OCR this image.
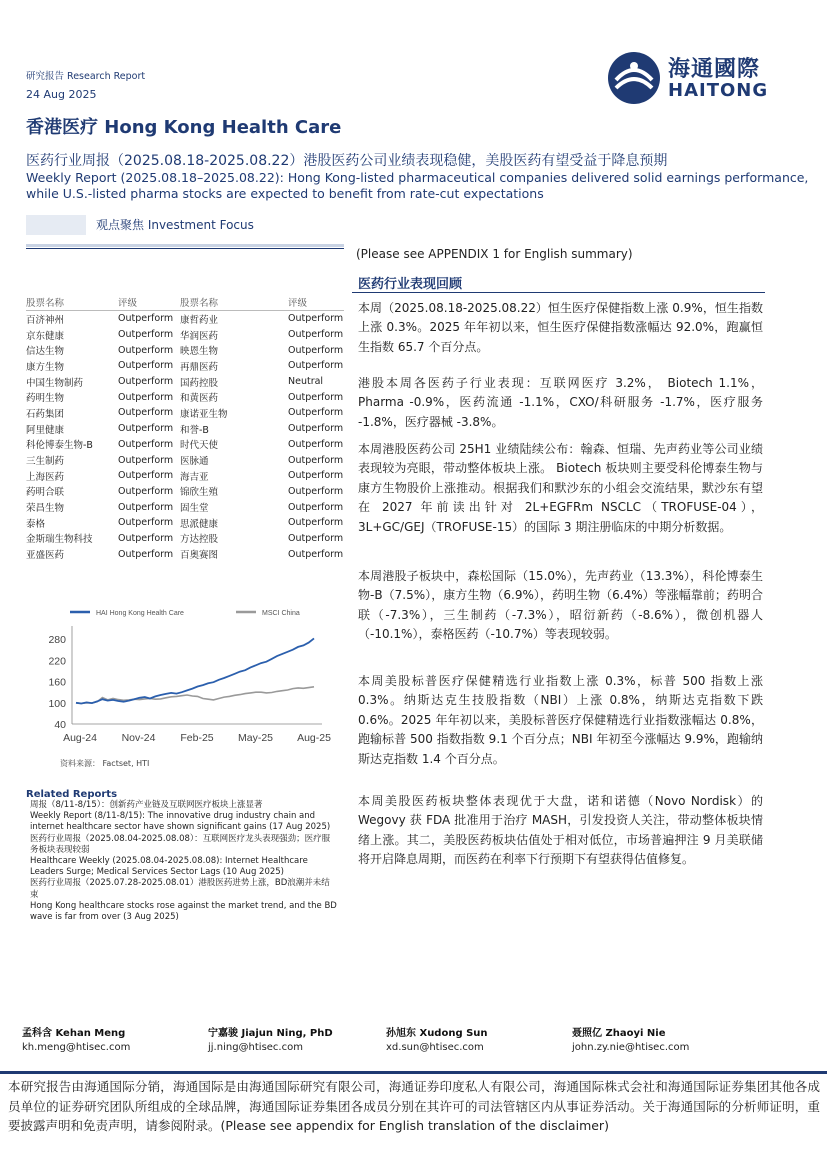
研究报告 Research Report
24 Aug 2025
香港医疗 Hong Kong Health Care
海通國際
HAITONG
医药行业周报（2025.08.18-2025.08.22）港股医药公司业绩表现稳健，美股医药有望受益于降息预期
Weekly Report (2025.08.18–2025.08.22): Hong Kong-listed pharmaceutical companies delivered solid earnings performance, while U.S.-listed pharma stocks are expected to benefit from rate-cut expectations
观点聚焦 Investment Focus
股票名称	评级	股票名称	评级
百济神州	Outperform	康哲药业	Outperform
京东健康	Outperform	华润医药	Outperform
信达生物	Outperform	映恩生物	Outperform
康方生物	Outperform	再鼎医药	Outperform
中国生物制药	Outperform	国药控股	Neutral
药明生物	Outperform	和黄医药	Outperform
石药集团	Outperform	康诺亚生物	Outperform
阿里健康	Outperform	和誉-B	Outperform
科伦博泰生物-B	Outperform	时代天使	Outperform
三生制药	Outperform	医脉通	Outperform
上海医药	Outperform	海吉亚	Outperform
药明合联	Outperform	锦欣生殖	Outperform
荣昌生物	Outperform	固生堂	Outperform
泰格	Outperform	思派健康	Outperform
金斯瑞生物科技	Outperform	方达控股	Outperform
亚盛医药	Outperform	百奥赛图	Outperform
HAI Hong Kong Health Care	MSCI China
40
100
160
220
280
Aug-24 Nov-24 Feb-25 May-25 Aug-25
资料来源： Factset, HTI
Related Reports
周报（8/11-8/15）：创新药产业链及互联网医疗板块上涨显著
Weekly Report (8/11-8/15): The innovative drug industry chain and internet healthcare sector have shown significant gains (17 Aug 2025)
医药行业周报（2025.08.04-2025.08.08）：互联网医疗龙头表现强劲；医疗服务板块表现较弱
Healthcare Weekly (2025.08.04-2025.08.08): Internet Healthcare Leaders Surge; Medical Services Sector Lags (10 Aug 2025)
医药行业周报（2025.07.28-2025.08.01）港股医药进势上涨，BD浪潮并未结束
Hong Kong healthcare stocks rose against the market trend, and the BD wave is far from over (3 Aug 2025)
(Please see APPENDIX 1 for English summary)
医药行业表现回顾
本周（2025.08.18-2025.08.22）恒生医疗保健指数上涨 0.9%，恒生指数上涨 0.3%。2025 年年初以来，恒生医疗保健指数涨幅达 92.0%，跑赢恒生指数 65.7 个百分点。
港股本周各医药子行业表现：互联网医疗 3.2%， Biotech 1.1%， Pharma -0.9%，医药流通 -1.1%，CXO/科研服务 -1.7%，医疗服务 -1.8%，医疗器械 -3.8%。
本周港股医药公司 25H1 业绩陆续公布：翰森、恒瑞、先声药业等公司业绩表现较为亮眼，带动整体板块上涨。 Biotech 板块则主要受科伦博泰生物与康方生物股价上涨推动。根据我们和默沙东的小组会交流结果，默沙东有望在 2027 年前读出针对 2L+EGFRm NSCLC（TROFUSE-04），3L+GC/GEJ（TROFUSE-15）的国际 3 期注册临床的中期分析数据。
本周港股子板块中，森松国际（15.0%），先声药业（13.3%），科伦博泰生物-B（7.5%），康方生物（6.9%），药明生物（6.4%）等涨幅靠前；药明合联（-7.3%），三生制药（-7.3%），昭衍新药（-8.6%），微创机器人（-10.1%），泰格医药（-10.7%）等表现较弱。
本周美股标普医疗保健精选行业指数上涨 0.3%，标普 500 指数上涨 0.3%。纳斯达克生技股指数（NBI）上涨 0.8%，纳斯达克指数下跌 0.6%。2025 年年初以来，美股标普医疗保健精选行业指数涨幅达 0.8%，跑输标普 500 指数指数 9.1 个百分点；NBI 年初至今涨幅达 9.9%，跑输纳斯达克指数 1.4 个百分点。
本周美股医药板块整体表现优于大盘，诺和诺德（Novo Nordisk）的 Wegovy 获 FDA 批准用于治疗 MASH，引发投资人关注，带动整体板块情绪上涨。其二，美股医药板块估值处于相对低位，市场普遍押注 9 月美联储将开启降息周期，而医药在利率下行预期下有望获得估值修复。
孟科含 Kehan Meng
kh.meng@htisec.com
宁嘉骏 Jiajun Ning, PhD
jj.ning@htisec.com
孙旭东 Xudong Sun
xd.sun@htisec.com
聂照亿 Zhaoyi Nie
john.zy.nie@htisec.com
本研究报告由海通国际分销，海通国际是由海通国际研究有限公司，海通证券印度私人有限公司，海通国际株式会社和海通国际证券集团其他各成员单位的证券研究团队所组成的全球品牌，海通国际证券集团各成员分别在其许可的司法管辖区内从事证券活动。关于海通国际的分析师证明，重要披露声明和免责声明，请参阅附录。(Please see appendix for English translation of the disclaimer)
